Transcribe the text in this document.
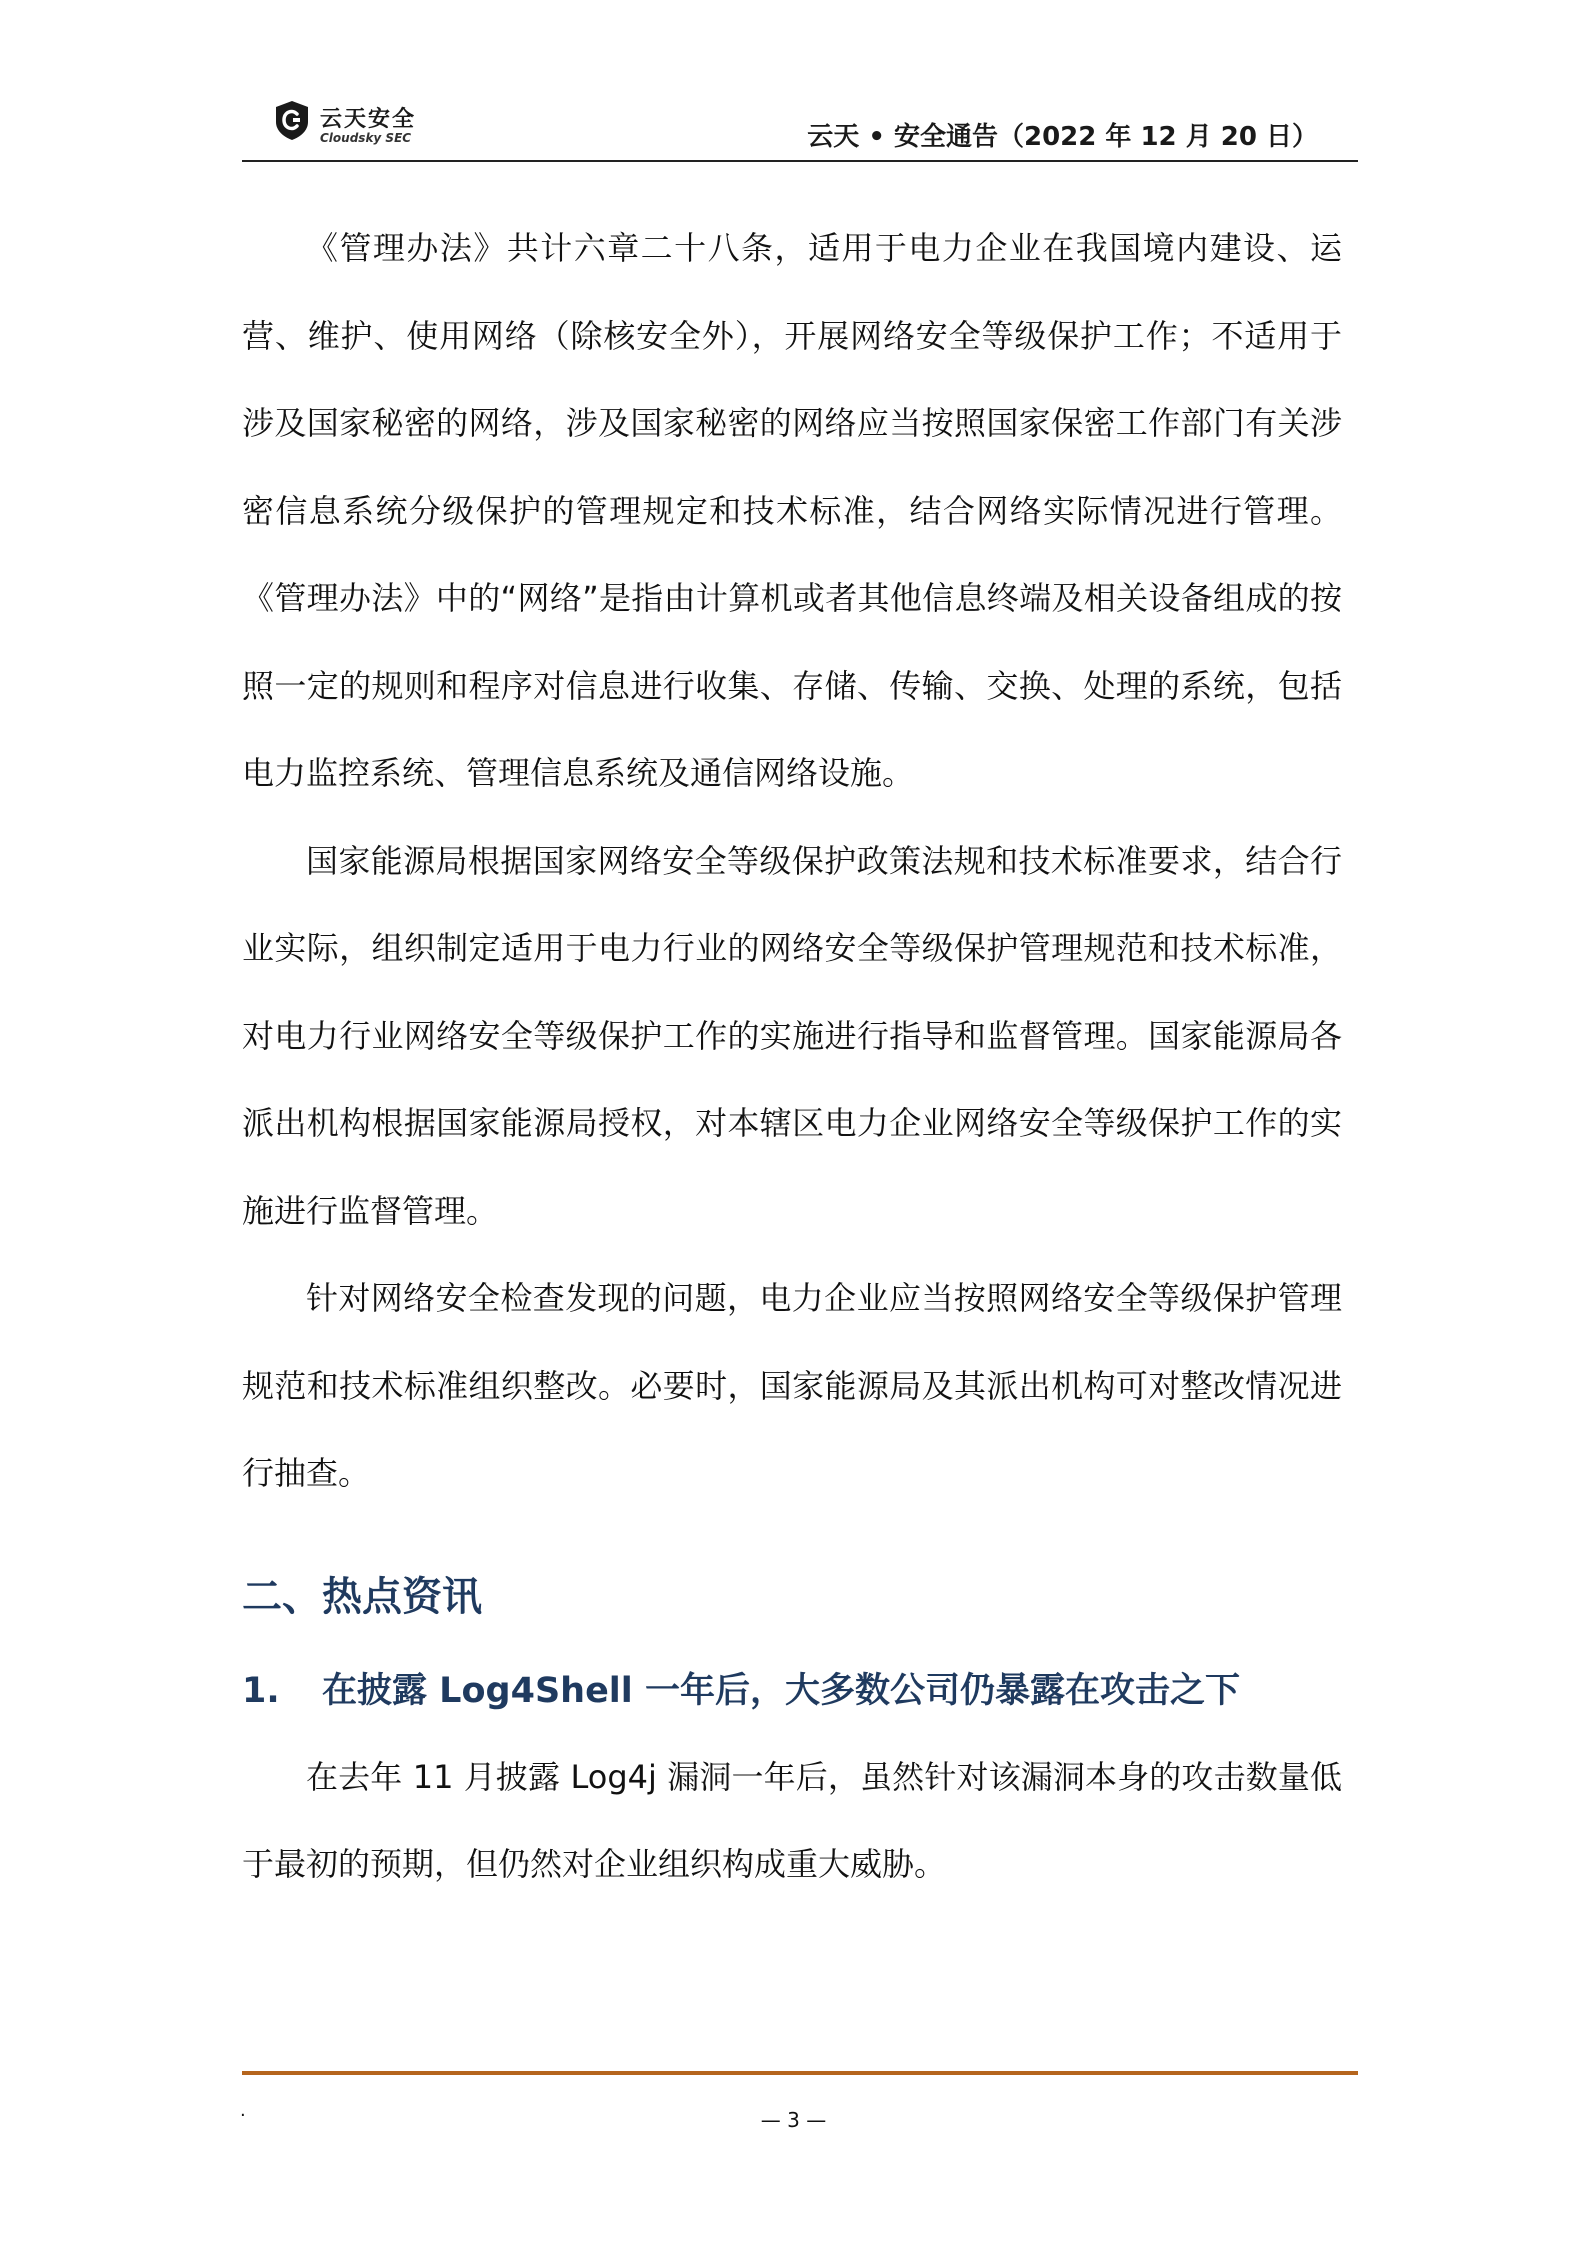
云天安全
Cloudsky SEC	云天 • 安全通告（2022 年 12 月 20 日）

《管理办法》共计六章二十八条，适用于电力企业在我国境内建设、运营、维护、使用网络（除核安全外），开展网络安全等级保护工作；不适用于涉及国家秘密的网络，涉及国家秘密的网络应当按照国家保密工作部门有关涉密信息系统分级保护的管理规定和技术标准，结合网络实际情况进行管理。《管理办法》中的“网络”是指由计算机或者其他信息终端及相关设备组成的按照一定的规则和程序对信息进行收集、存储、传输、交换、处理的系统，包括电力监控系统、管理信息系统及通信网络设施。

国家能源局根据国家网络安全等级保护政策法规和技术标准要求，结合行业实际，组织制定适用于电力行业的网络安全等级保护管理规范和技术标准，对电力行业网络安全等级保护工作的实施进行指导和监督管理。国家能源局各派出机构根据国家能源局授权，对本辖区电力企业网络安全等级保护工作的实施进行监督管理。

针对网络安全检查发现的问题，电力企业应当按照网络安全等级保护管理规范和技术标准组织整改。必要时，国家能源局及其派出机构可对整改情况进行抽查。

二、热点资讯
1. 在披露 Log4Shell 一年后，大多数公司仍暴露在攻击之下

在去年 11 月披露 Log4j 漏洞一年后，虽然针对该漏洞本身的攻击数量低于最初的预期，但仍然对企业组织构成重大威胁。

.	— 3 —
